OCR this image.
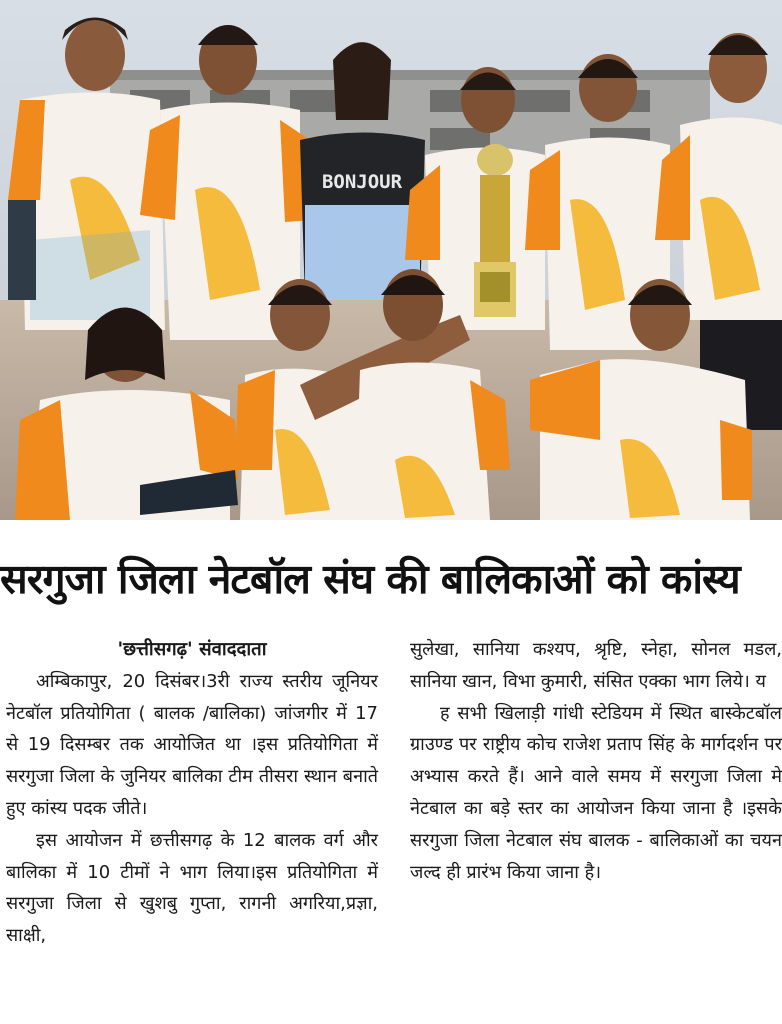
BONJOUR
सरगुजा जिला नेटबॉल संघ की बालिकाओं को कांस्य

'छत्तीसगढ़' संवाददाता

अम्बिकापुर, 20 दिसंबर।3री राज्य स्तरीय जूनियर नेटबॉल प्रतियोगिता ( बालक /बालिका) जांजगीर में 17 से 19 दिसम्बर तक आयोजित था ।इस प्रतियोगिता में सरगुजा जिला के जुनियर बालिका टीम तीसरा स्थान बनाते हुए कांस्य पदक जीते।

इस आयोजन में छत्तीसगढ़ के 12 बालक वर्ग और बालिका में 10 टीमों ने भाग लिया।इस प्रतियोगिता में सरगुजा जिला से खुशबु गुप्ता, रागनी अगरिया,प्रज्ञा, साक्षी,

सुलेखा, सानिया कश्यप, श्रृष्टि, स्नेहा, सोनल मडल, सानिया खान, विभा कुमारी, संसित एक्का भाग लिये। य

ह सभी खिलाड़ी गांधी स्टेडियम में स्थित बास्केटबॉल ग्राउण्ड पर राष्ट्रीय कोच राजेश प्रताप सिंह के मार्गदर्शन पर अभ्यास करते हैं। आने वाले समय में सरगुजा जिला मे नेटबाल का बड़े स्तर का आयोजन किया जाना है ।इसके सरगुजा जिला नेटबाल संघ बालक - बालिकाओं का चयन जल्द ही प्रारंभ किया जाना है।
